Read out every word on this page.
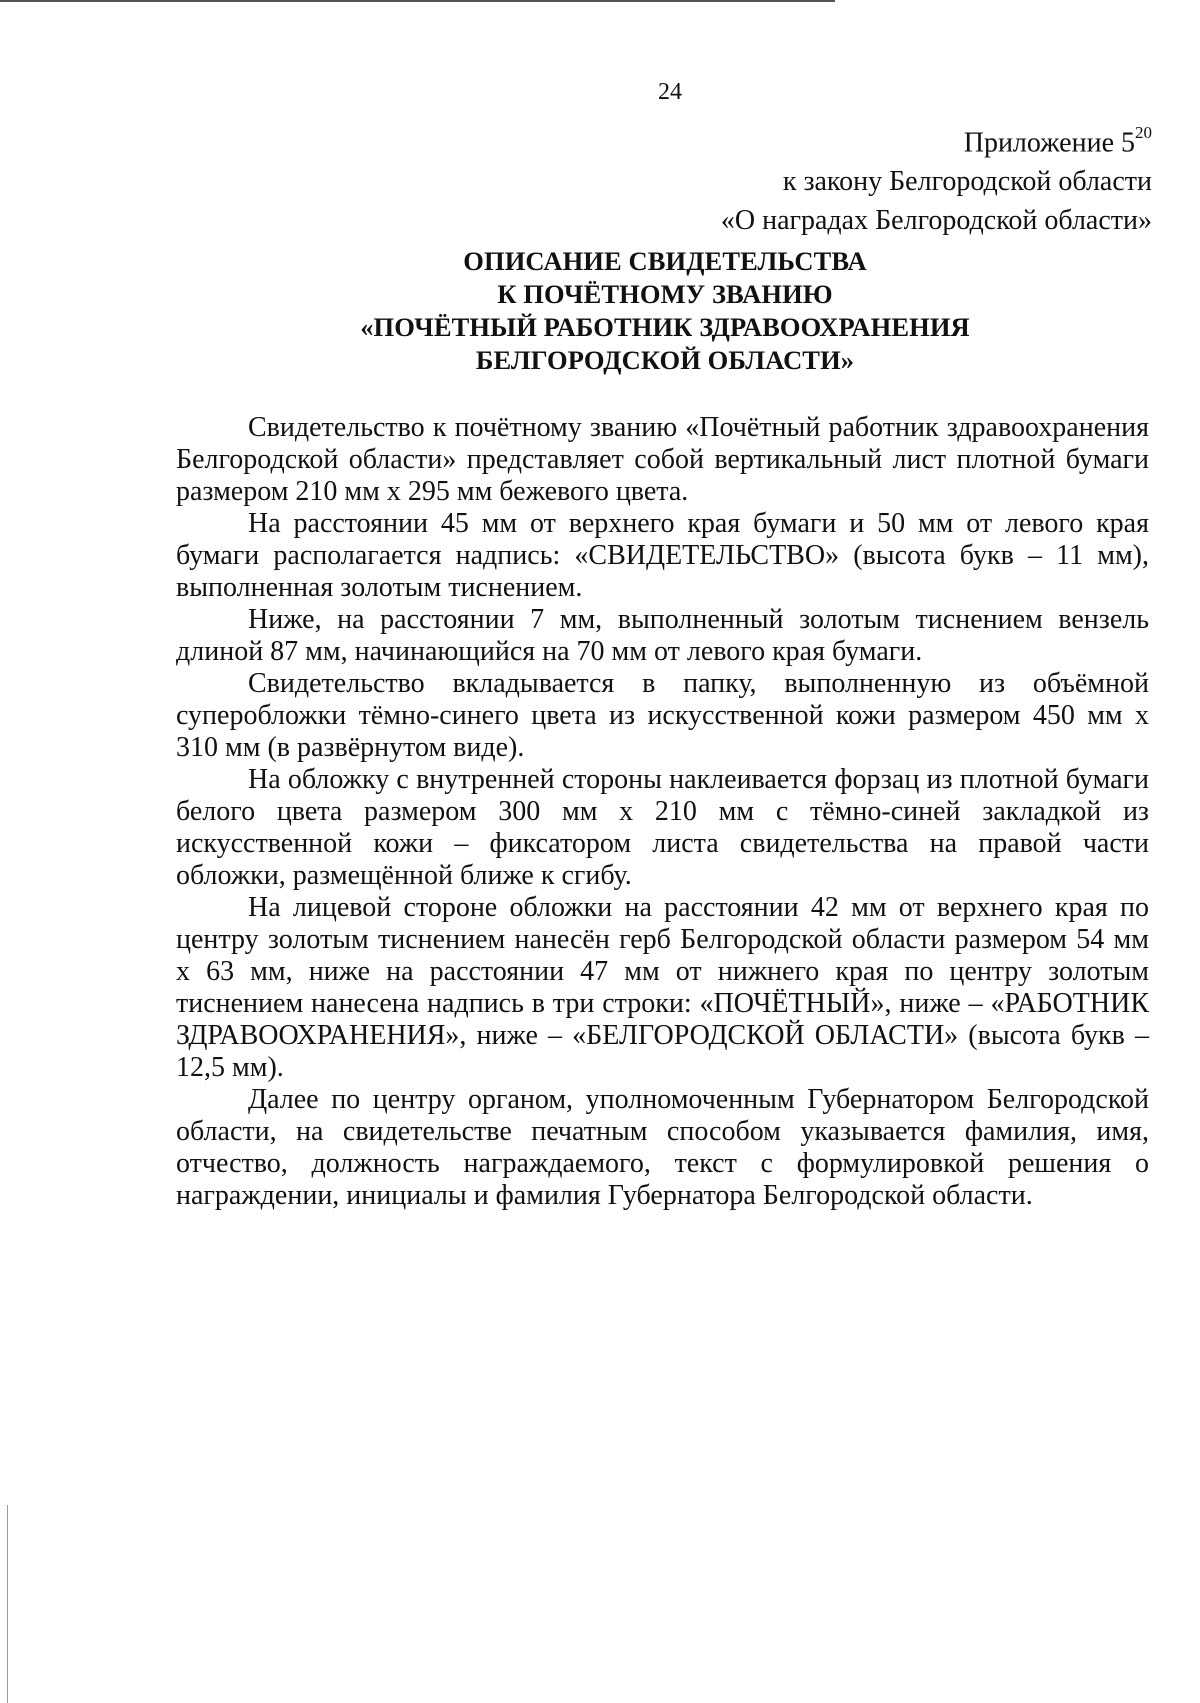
24
Приложение $5^{20}$
к закону Белгородской области
«О наградах Белгородской области»
ОПИСАНИЕ СВИДЕТЕЛЬСТВА
К ПОЧЁТНОМУ ЗВАНИЮ
«ПОЧЁТНЫЙ РАБОТНИК ЗДРАВООХРАНЕНИЯ
БЕЛГОРОДСКОЙ ОБЛАСТИ»

Свидетельство к почётному званию «Почётный работник здравоохранения Белгородской области» представляет собой вертикальный лист плотной бумаги размером 210 мм х 295 мм бежевого цвета.

На расстоянии 45 мм от верхнего края бумаги и 50 мм от левого края бумаги располагается надпись: «СВИДЕТЕЛЬСТВО» (высота букв – 11 мм), выполненная золотым тиснением.

Ниже, на расстоянии 7 мм, выполненный золотым тиснением вензель длиной 87 мм, начинающийся на 70 мм от левого края бумаги.

Свидетельство вкладывается в папку, выполненную из объёмной суперобложки тёмно-синего цвета из искусственной кожи размером 450 мм х 310 мм (в развёрнутом виде).

На обложку с внутренней стороны наклеивается форзац из плотной бумаги белого цвета размером 300 мм х 210 мм с тёмно-синей закладкой из искусственной кожи – фиксатором листа свидетельства на правой части обложки, размещённой ближе к сгибу.

На лицевой стороне обложки на расстоянии 42 мм от верхнего края по центру золотым тиснением нанесён герб Белгородской области размером 54 мм х 63 мм, ниже на расстоянии 47 мм от нижнего края по центру золотым тиснением нанесена надпись в три строки: «ПОЧЁТНЫЙ», ниже – «РАБОТНИК ЗДРАВООХРАНЕНИЯ», ниже – «БЕЛГОРОДСКОЙ ОБЛАСТИ» (высота букв – 12,5 мм).

Далее по центру органом, уполномоченным Губернатором Белгородской области, на свидетельстве печатным способом указывается фамилия, имя, отчество, должность награждаемого, текст с формулировкой решения о награждении, инициалы и фамилия Губернатора Белгородской области.
